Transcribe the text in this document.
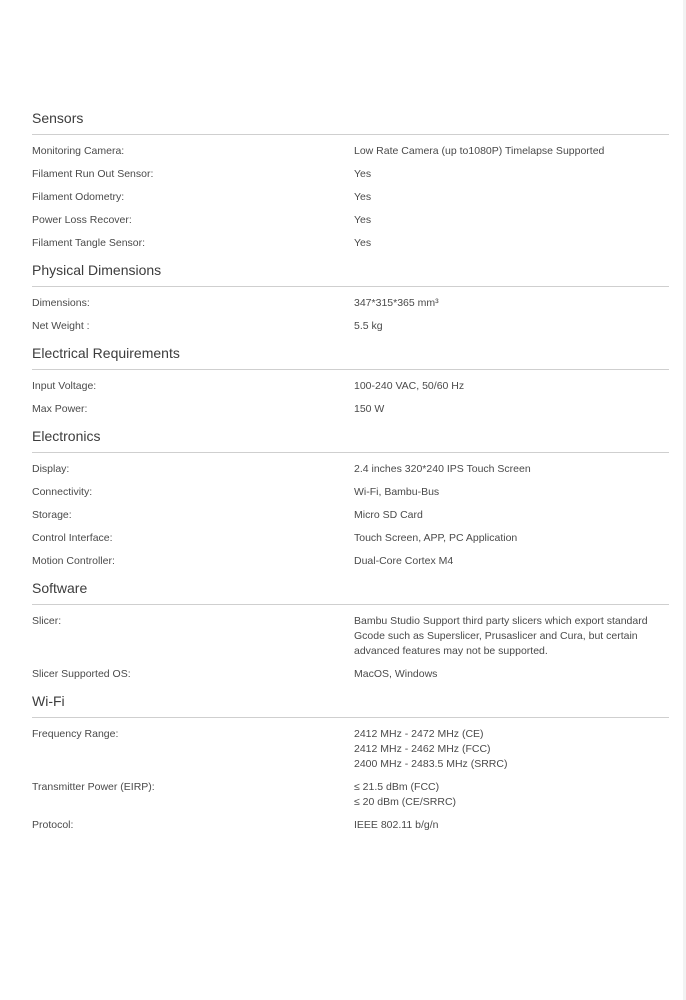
Sensors
Monitoring Camera:	Low Rate Camera (up to1080P) Timelapse Supported
Filament Run Out Sensor:	Yes
Filament Odometry:	Yes
Power Loss Recover:	Yes
Filament Tangle Sensor:	Yes
Physical Dimensions
Dimensions:	347*315*365 mm³
Net Weight :	5.5 kg
Electrical Requirements
Input Voltage:	100-240 VAC, 50/60 Hz
Max Power:	150 W
Electronics
Display:	2.4 inches 320*240 IPS Touch Screen
Connectivity:	Wi-Fi, Bambu-Bus
Storage:	Micro SD Card
Control Interface:	Touch Screen, APP, PC Application
Motion Controller:	Dual-Core Cortex M4
Software
Slicer:	Bambu Studio Support third party slicers which export standard Gcode such as Superslicer, Prusaslicer and Cura, but certain advanced features may not be supported.
Slicer Supported OS:	MacOS, Windows
Wi-Fi
Frequency Range:	2412 MHz - 2472 MHz (CE)
2412 MHz - 2462 MHz (FCC)
2400 MHz - 2483.5 MHz (SRRC)
Transmitter Power (EIRP):	≤ 21.5 dBm (FCC)
≤ 20 dBm (CE/SRRC)
Protocol:	IEEE 802.11 b/g/n
